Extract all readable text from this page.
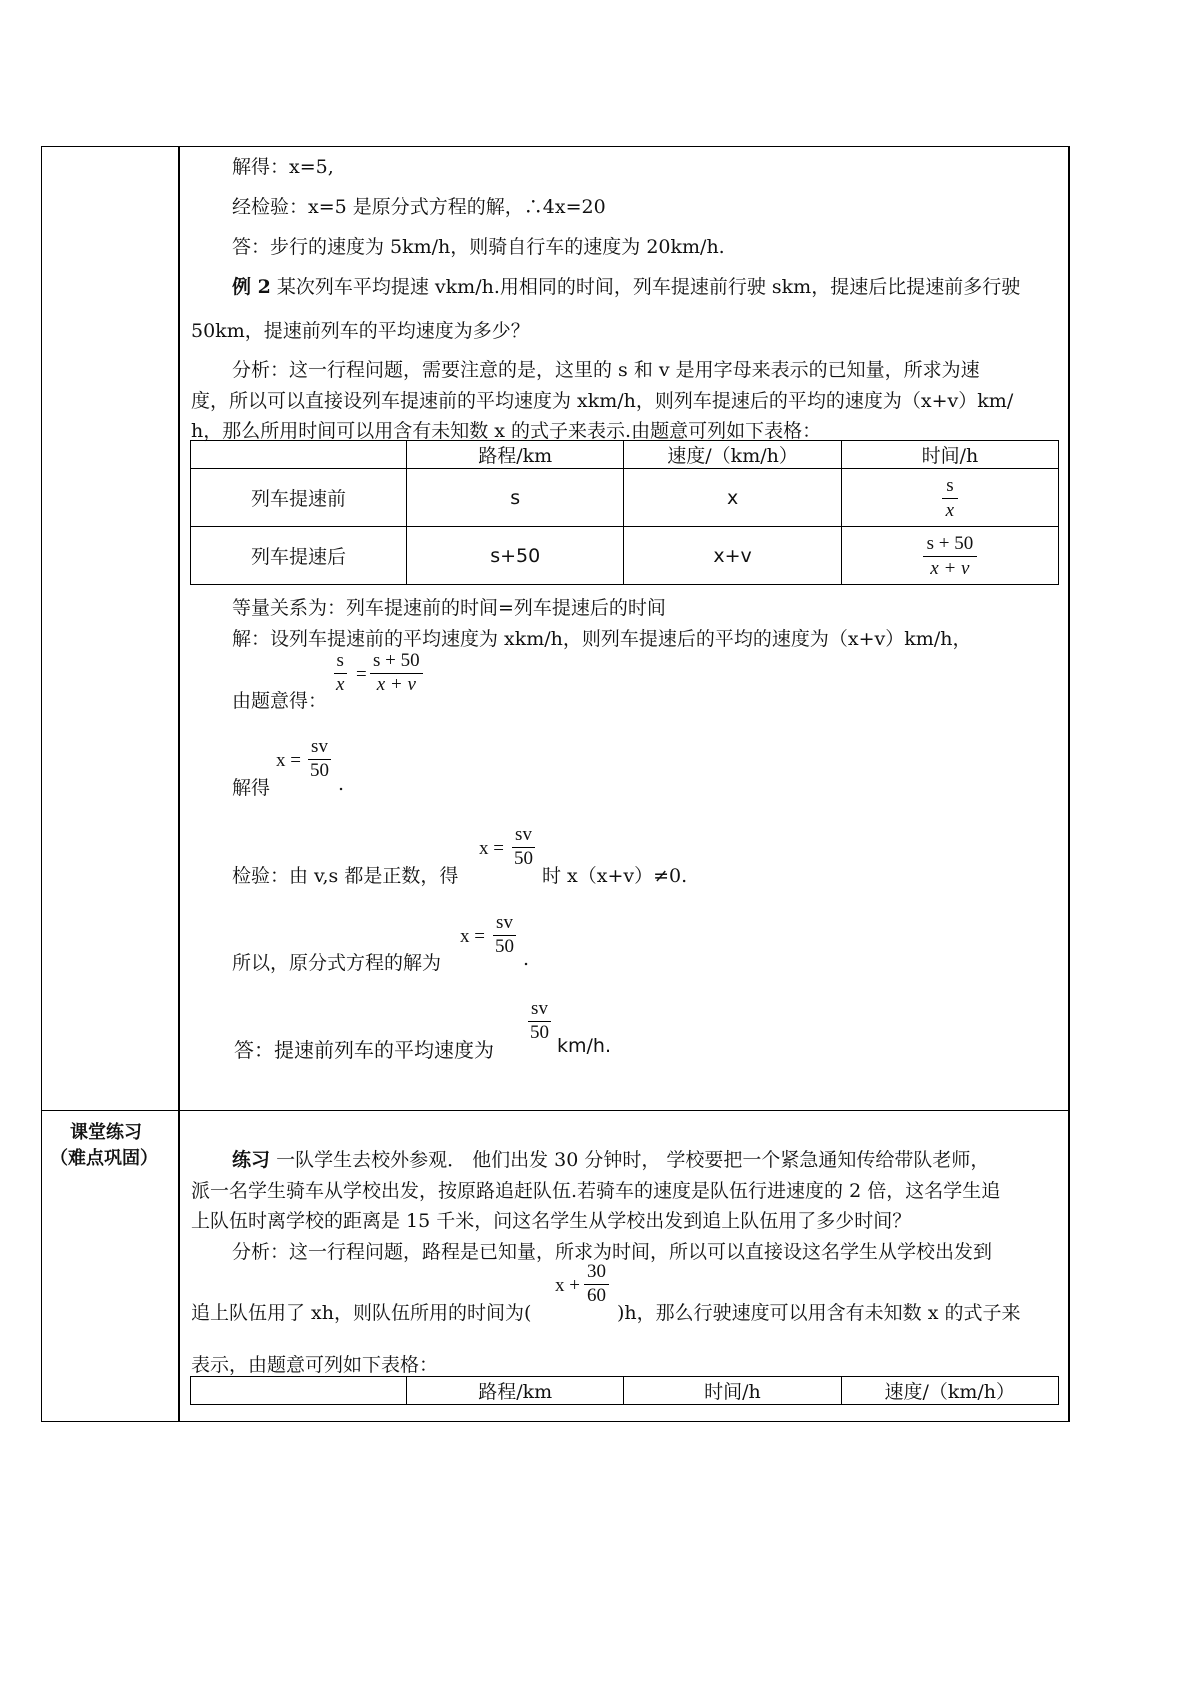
解得：x=5,
经检验：x=5 是原分式方程的解，∴4x=20
答：步行的速度为 5km/h，则骑自行车的速度为 20km/h.
例 2 某次列车平均提速 vkm/h.用相同的时间，列车提速前行驶 skm，提速后比提速前多行驶
50km，提速前列车的平均速度为多少？
分析：这一行程问题，需要注意的是，这里的 s 和 v 是用字母来表示的已知量，所求为速
度，所以可以直接设列车提速前的平均速度为 xkm/h，则列车提速后的平均的速度为（x+v）km/
h，那么所用时间可以用含有未知数 x 的式子来表示.由题意可列如下表格：
	路程/km	速度/（km/h）	时间/h
列车提速前	s	x	$\frac{s}{x}$

列车提速后	s+50	x+v	$\frac{s + 50}{x + v}$
等量关系为：列车提速前的时间=列车提速后的时间
解：设列车提速前的平均速度为 xkm/h，则列车提速后的平均的速度为（x+v）km/h，
$\frac{s}{x} = \frac{s + 50}{x + v}$
由题意得：
$x = \frac{sv}{50}$
解得	.
$x = \frac{sv}{50}$
检验：由 v,s 都是正数，得	时 x（x+v）≠0.
$x = \frac{sv}{50}$
所以，原分式方程的解为	.
$\frac{sv}{50}$
答：提速前列车的平均速度为	km/h.
课堂练习
（难点巩固）	练习 一队学生去校外参观． 他们出发 30 分钟时， 学校要把一个紧急通知传给带队老师，
派一名学生骑车从学校出发，按原路追赶队伍.若骑车的速度是队伍行进速度的 2 倍，这名学生追
上队伍时离学校的距离是 15 千米，问这名学生从学校出发到追上队伍用了多少时间？
分析：这一行程问题，路程是已知量，所求为时间，所以可以直接设这名学生从学校出发到
$x + \frac{30}{60}$
追上队伍用了 xh，则队伍所用的时间为(	)h，那么行驶速度可以用含有未知数 x 的式子来
表示，由题意可列如下表格：
	路程/km	时间/h	速度/（km/h）
